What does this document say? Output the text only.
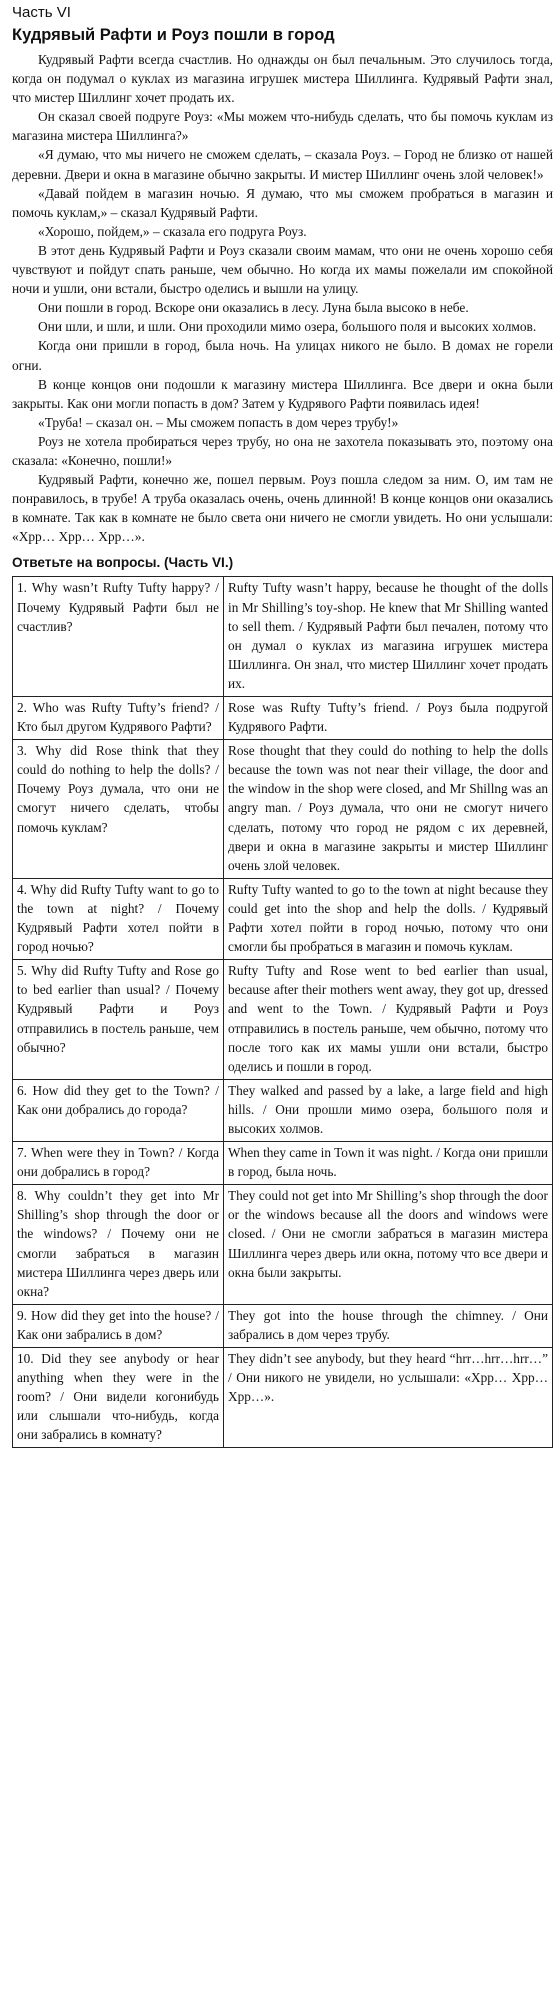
Часть VI
Кудрявый Рафти и Роуз пошли в город

Кудрявый Рафти всегда счастлив. Но однажды он был печальным. Это случилось тогда, когда он подумал о куклах из магазина игрушек мистера Шиллинга. Кудрявый Рафти знал, что мистер Шиллинг хочет продать их.

Он сказал своей подруге Роуз: «Мы можем что-нибудь сделать, что бы помочь куклам из магазина мистера Шиллинга?»

«Я думаю, что мы ничего не сможем сделать, – сказала Роуз. – Город не близко от нашей деревни. Двери и окна в магазине обычно закрыты. И мистер Шиллинг очень злой человек!»

«Давай пойдем в магазин ночью. Я думаю, что мы сможем пробраться в магазин и помочь куклам,» – сказал Кудрявый Рафти.

«Хорошо, пойдем,» – сказала его подруга Роуз.

В этот день Кудрявый Рафти и Роуз сказали своим мамам, что они не очень хорошо себя чувствуют и пойдут спать раньше, чем обычно. Но когда их мамы пожелали им спокойной ночи и ушли, они встали, быстро оделись и вышли на улицу.

Они пошли в город. Вскоре они оказались в лесу. Луна была высоко в небе.

Они шли, и шли, и шли. Они проходили мимо озера, большого поля и высоких холмов.

Когда они пришли в город, была ночь. На улицах никого не было. В домах не горели огни.

В конце концов они подошли к магазину мистера Шиллинга. Все двери и окна были закрыты. Как они могли попасть в дом? Затем у Кудрявого Рафти появилась идея!

«Труба! – сказал он. – Мы сможем попасть в дом через трубу!»

Роуз не хотела пробираться через трубу, но она не захотела показывать это, поэтому она сказала: «Конечно, пошли!»

Кудрявый Рафти, конечно же, пошел первым. Роуз пошла следом за ним. О, им там не понравилось, в трубе! А труба оказалась очень, очень длинной! В конце концов они оказались в комнате. Так как в комнате не было света они ничего не смогли увидеть. Но они услышали: «Хрр… Хрр… Хрр…».

Ответьте на вопросы. (Часть VI.)
1. Why wasn’t Rufty Tufty happy? / Почему Кудрявый Рафти был не счастлив?	Rufty Tufty wasn’t happy, because he thought of the dolls in Mr Shilling’s toy-shop. He knew that Mr Shilling wanted to sell them. / Кудрявый Рафти был печален, потому что он думал о куклах из магазина игрушек мистера Шиллинга. Он знал, что мистер Шиллинг хочет продать их.
2. Who was Rufty Tufty’s friend? / Кто был другом Кудрявого Рафти?	Rose was Rufty Tufty’s friend. / Роуз была подругой Кудрявого Рафти.
3. Why did Rose think that they could do nothing to help the dolls? / Почему Роуз думала, что они не смогут ничего сделать, чтобы помочь куклам?	Rose thought that they could do nothing to help the dolls because the town was not near their village, the door and the window in the shop were closed, and Mr Shillng was an angry man. / Роуз думала, что они не смогут ничего сделать, потому что город не рядом с их деревней, двери и окна в магазине закрыты и мистер Шиллинг очень злой человек.
4. Why did Rufty Tufty want to go to the town at night? / Почему Кудрявый Рафти хотел пойти в город ночью?	Rufty Tufty wanted to go to the town at night because they could get into the shop and help the dolls. / Кудрявый Рафти хотел пойти в город ночью, потому что они смогли бы пробраться в магазин и помочь куклам.
5. Why did Rufty Tufty and Rose go to bed earlier than usual? / Почему Кудрявый Рафти и Роуз отправились в постель раньше, чем обычно?	Rufty Tufty and Rose went to bed earlier than usual, because after their mothers went away, they got up, dressed and went to the Town. / Кудрявый Рафти и Роуз отправились в постель раньше, чем обычно, потому что после того как их мамы ушли они встали, быстро оделись и пошли в город.
6. How did they get to the Town? / Как они добрались до города?	They walked and passed by a lake, a large field and high hills. / Они прошли мимо озера, большого поля и высоких холмов.
7. When were they in Town? / Когда они добрались в город?	When they came in Town it was night. / Когда они пришли в город, была ночь.
8. Why couldn’t they get into Mr Shilling’s shop through the door or the windows? / Почему они не смогли забраться в магазин мистера Шиллинга через дверь или окна?	They could not get into Mr Shilling’s shop through the door or the windows because all the doors and windows were closed. / Они не смогли забраться в магазин мистера Шиллинга через дверь или окна, потому что все двери и окна были закрыты.
9. How did they get into the house? / Как они забрались в дом?	They got into the house through the chimney. / Они забрались в дом через трубу.
10. Did they see anybody or hear anything when they were in the room? / Они видели когонибудь или слышали что-нибудь, когда они забрались в комнату?	They didn’t see anybody, but they heard “hrr…hrr…hrr…” / Они никого не увидели, но услышали: «Хрр… Хрр… Хрр…».
